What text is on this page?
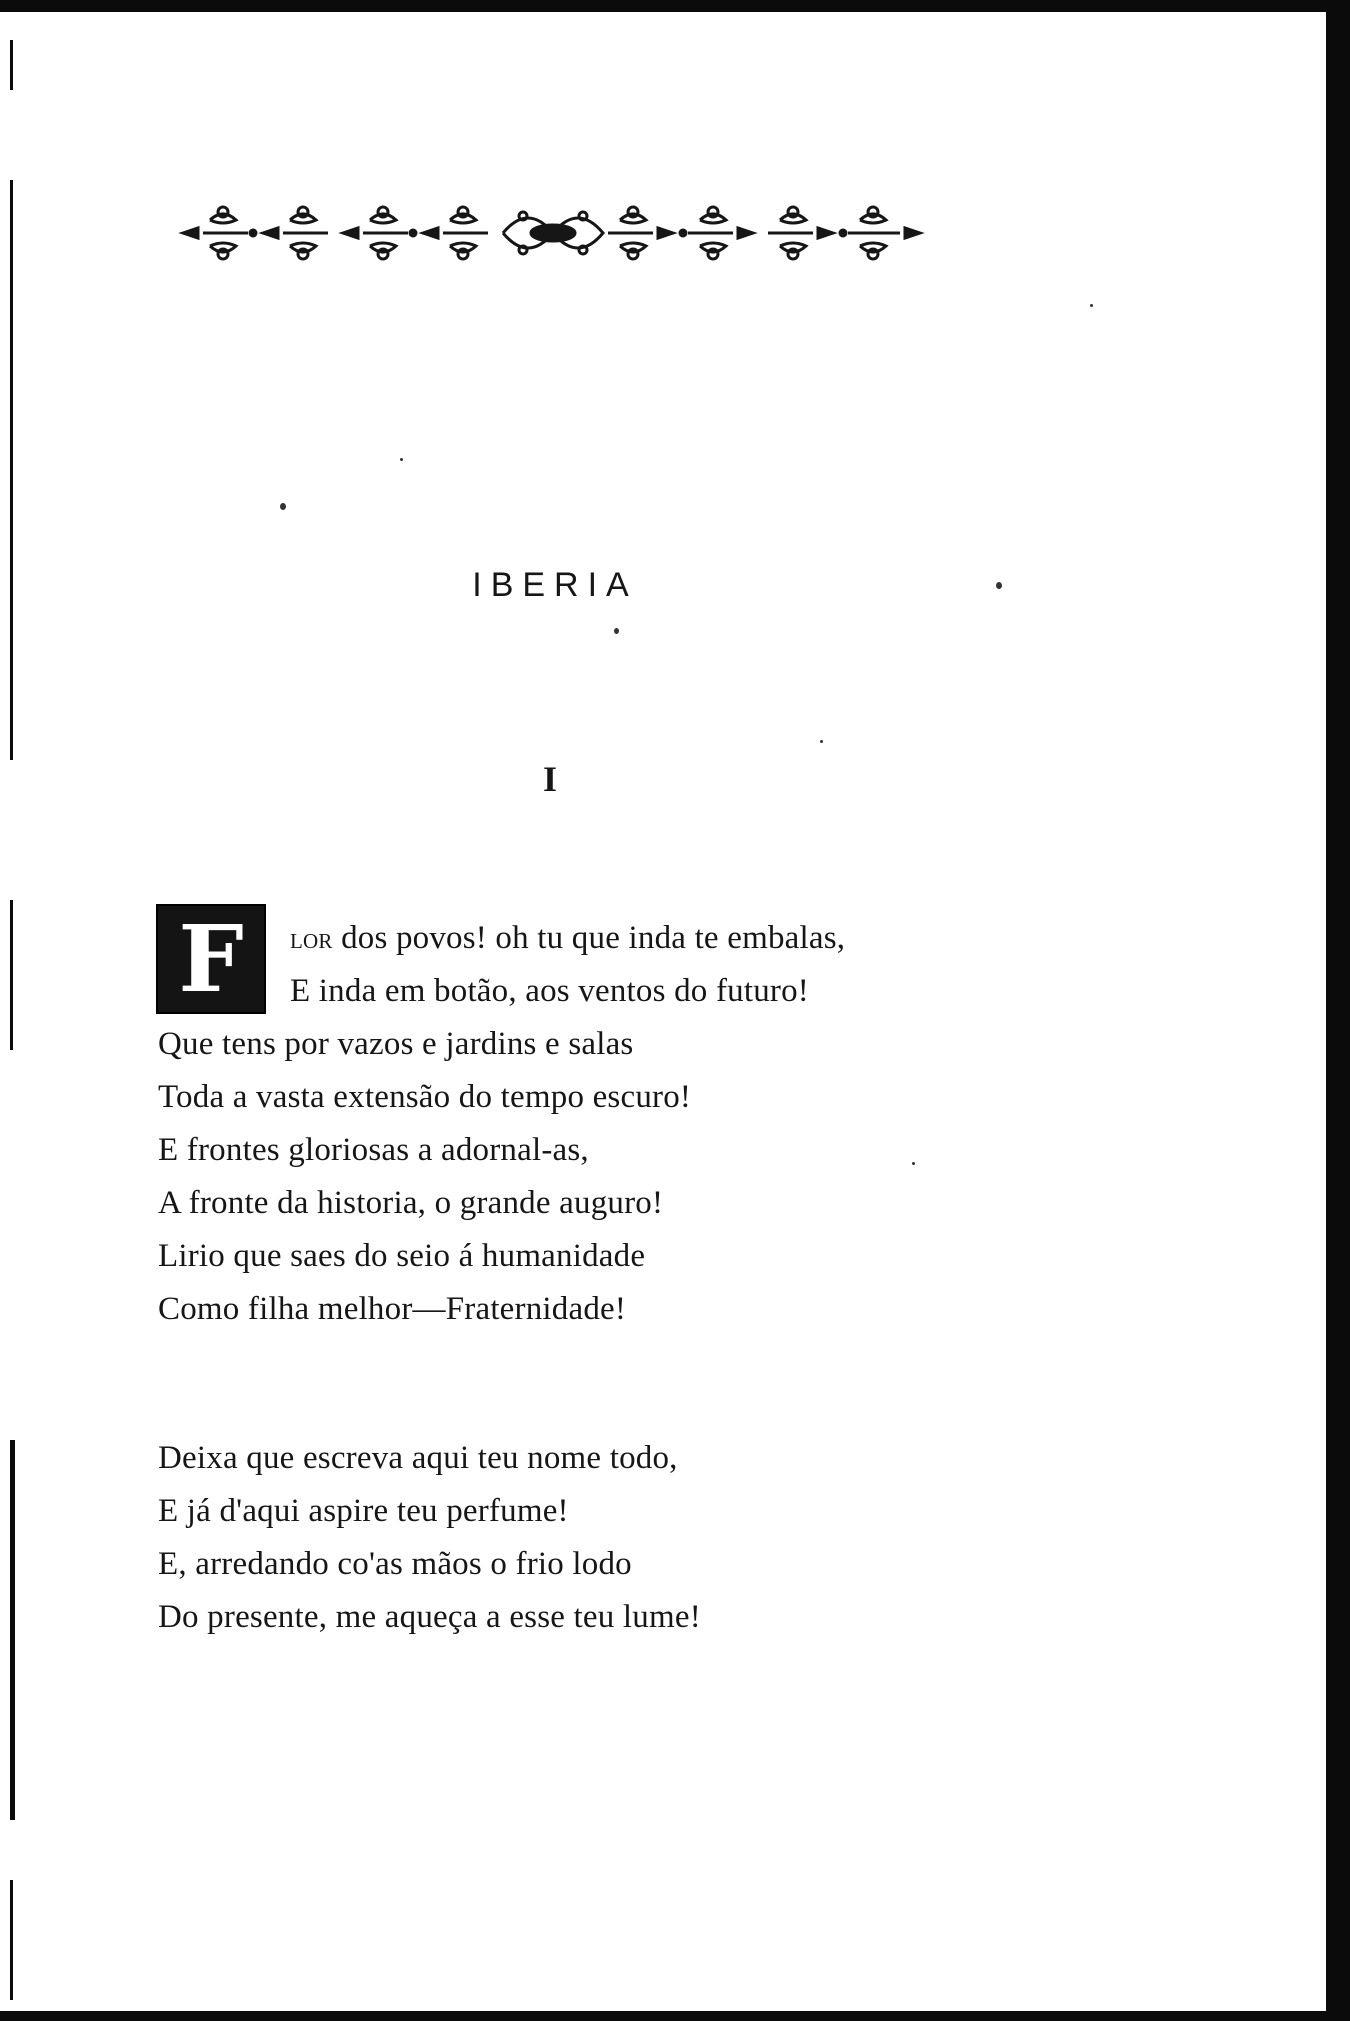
IBERIA
I
F	lor dos povos! oh tu que inda te embalas,
E inda em botão, aos ventos do futuro!
Que tens por vazos e jardins e salas
Toda a vasta extensão do tempo escuro!
E frontes gloriosas a adornal-as,
A fronte da historia, o grande auguro!
Lirio que saes do seio á humanidade
Como filha melhor—Fraternidade!
Deixa que escreva aqui teu nome todo,
E já d'aqui aspire teu perfume!
E, arredando co'as mãos o frio lodo
Do presente, me aqueça a esse teu lume!
